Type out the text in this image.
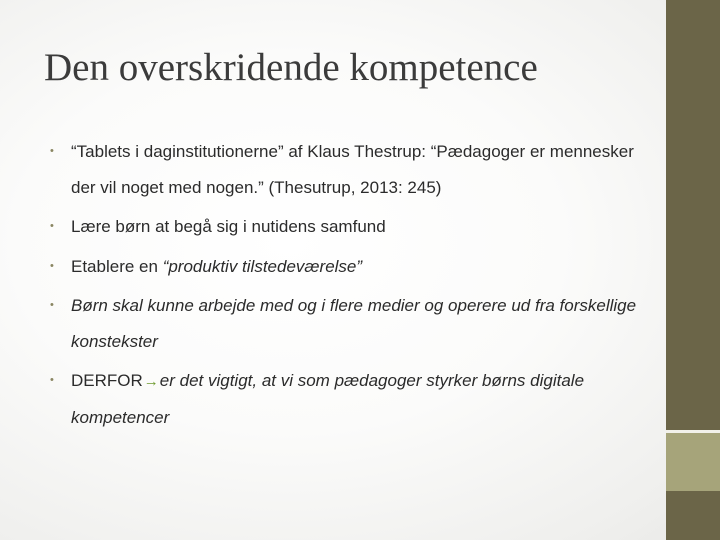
Den overskridende kompetence
• “Tablets i daginstitutionerne” af Klaus Thestrup: “Pædagoger er mennesker der vil noget med nogen.” (Thesutrup, 2013: 245)
• Lære børn at begå sig i nutidens samfund
• Etablere en “produktiv tilstedeværelse”
• Børn skal kunne arbejde med og i flere medier og operere ud fra forskellige konstekster
• DERFOR→er det vigtigt, at vi som pædagoger styrker børns digitale kompetencer
